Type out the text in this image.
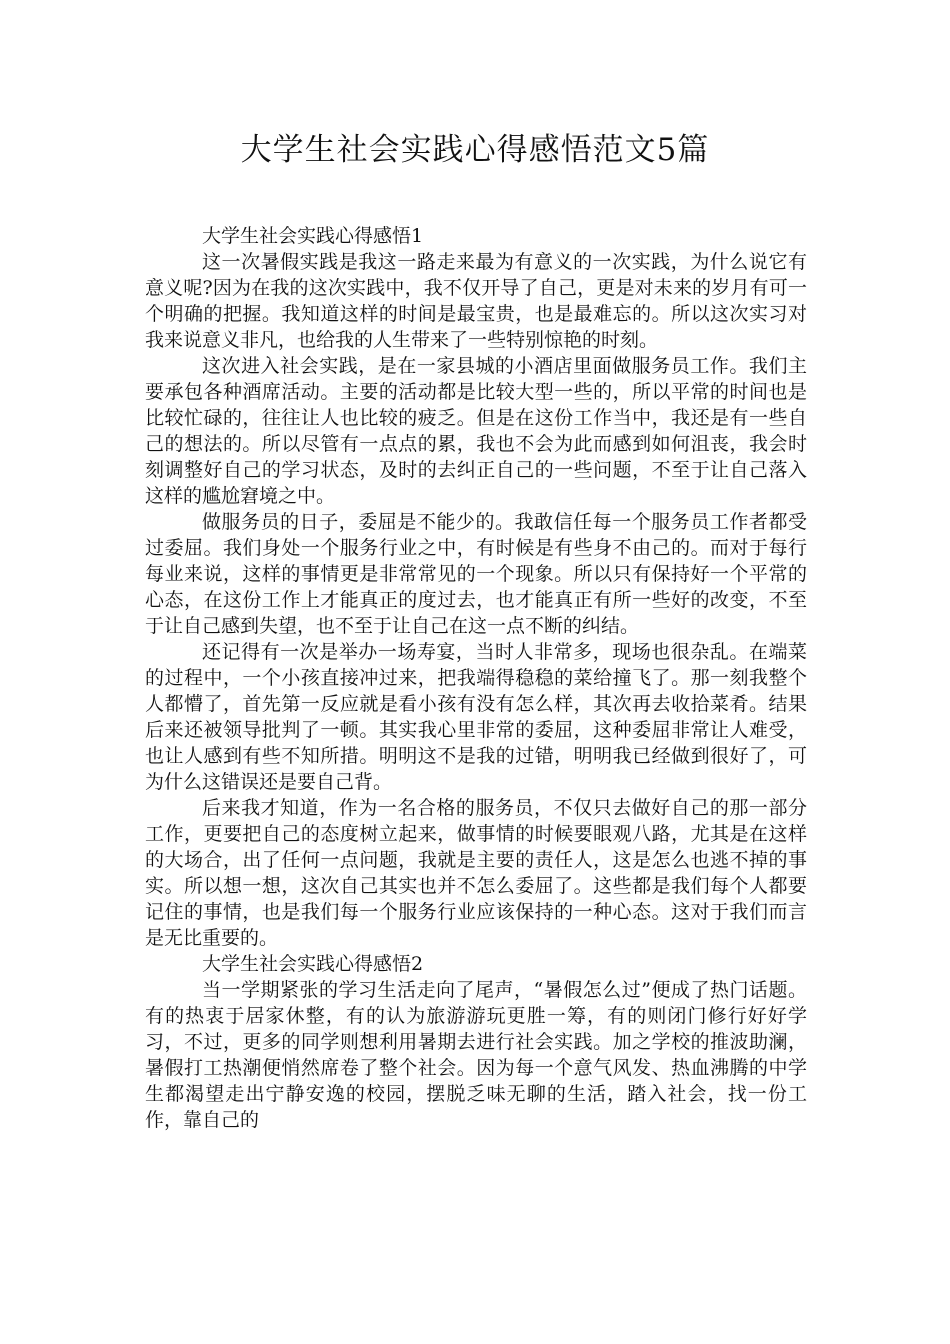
大学生社会实践心得感悟范文5篇

大学生社会实践心得感悟1

这一次暑假实践是我这一路走来最为有意义的一次实践，为什么说它有意义呢?因为在我的这次实践中，我不仅开导了自己，更是对未来的岁月有可一个明确的把握。我知道这样的时间是最宝贵，也是最难忘的。所以这次实习对我来说意义非凡，也给我的人生带来了一些特别惊艳的时刻。

这次进入社会实践，是在一家县城的小酒店里面做服务员工作。我们主要承包各种酒席活动。主要的活动都是比较大型一些的，所以平常的时间也是比较忙碌的，往往让人也比较的疲乏。但是在这份工作当中，我还是有一些自己的想法的。所以尽管有一点点的累，我也不会为此而感到如何沮丧，我会时刻调整好自己的学习状态，及时的去纠正自己的一些问题，不至于让自己落入这样的尴尬窘境之中。

做服务员的日子，委屈是不能少的。我敢信任每一个服务员工作者都受过委屈。我们身处一个服务行业之中，有时候是有些身不由己的。而对于每行每业来说，这样的事情更是非常常见的一个现象。所以只有保持好一个平常的心态，在这份工作上才能真正的度过去，也才能真正有所一些好的改变，不至于让自己感到失望，也不至于让自己在这一点不断的纠结。

还记得有一次是举办一场寿宴，当时人非常多，现场也很杂乱。在端菜的过程中，一个小孩直接冲过来，把我端得稳稳的菜给撞飞了。那一刻我整个人都懵了，首先第一反应就是看小孩有没有怎么样，其次再去收拾菜肴。结果后来还被领导批判了一顿。其实我心里非常的委屈，这种委屈非常让人难受，也让人感到有些不知所措。明明这不是我的过错，明明我已经做到很好了，可为什么这错误还是要自己背。

后来我才知道，作为一名合格的服务员，不仅只去做好自己的那一部分工作，更要把自己的态度树立起来，做事情的时候要眼观八路，尤其是在这样的大场合，出了任何一点问题，我就是主要的责任人，这是怎么也逃不掉的事实。所以想一想，这次自己其实也并不怎么委屈了。这些都是我们每个人都要记住的事情，也是我们每一个服务行业应该保持的一种心态。这对于我们而言是无比重要的。

大学生社会实践心得感悟2

当一学期紧张的学习生活走向了尾声，“暑假怎么过”便成了热门话题。有的热衷于居家休整，有的认为旅游游玩更胜一筹，有的则闭门修行好好学习，不过，更多的同学则想利用暑期去进行社会实践。加之学校的推波助澜，暑假打工热潮便悄然席卷了整个社会。因为每一个意气风发、热血沸腾的中学生都渴望走出宁静安逸的校园，摆脱乏味无聊的生活，踏入社会，找一份工作，靠自己的
